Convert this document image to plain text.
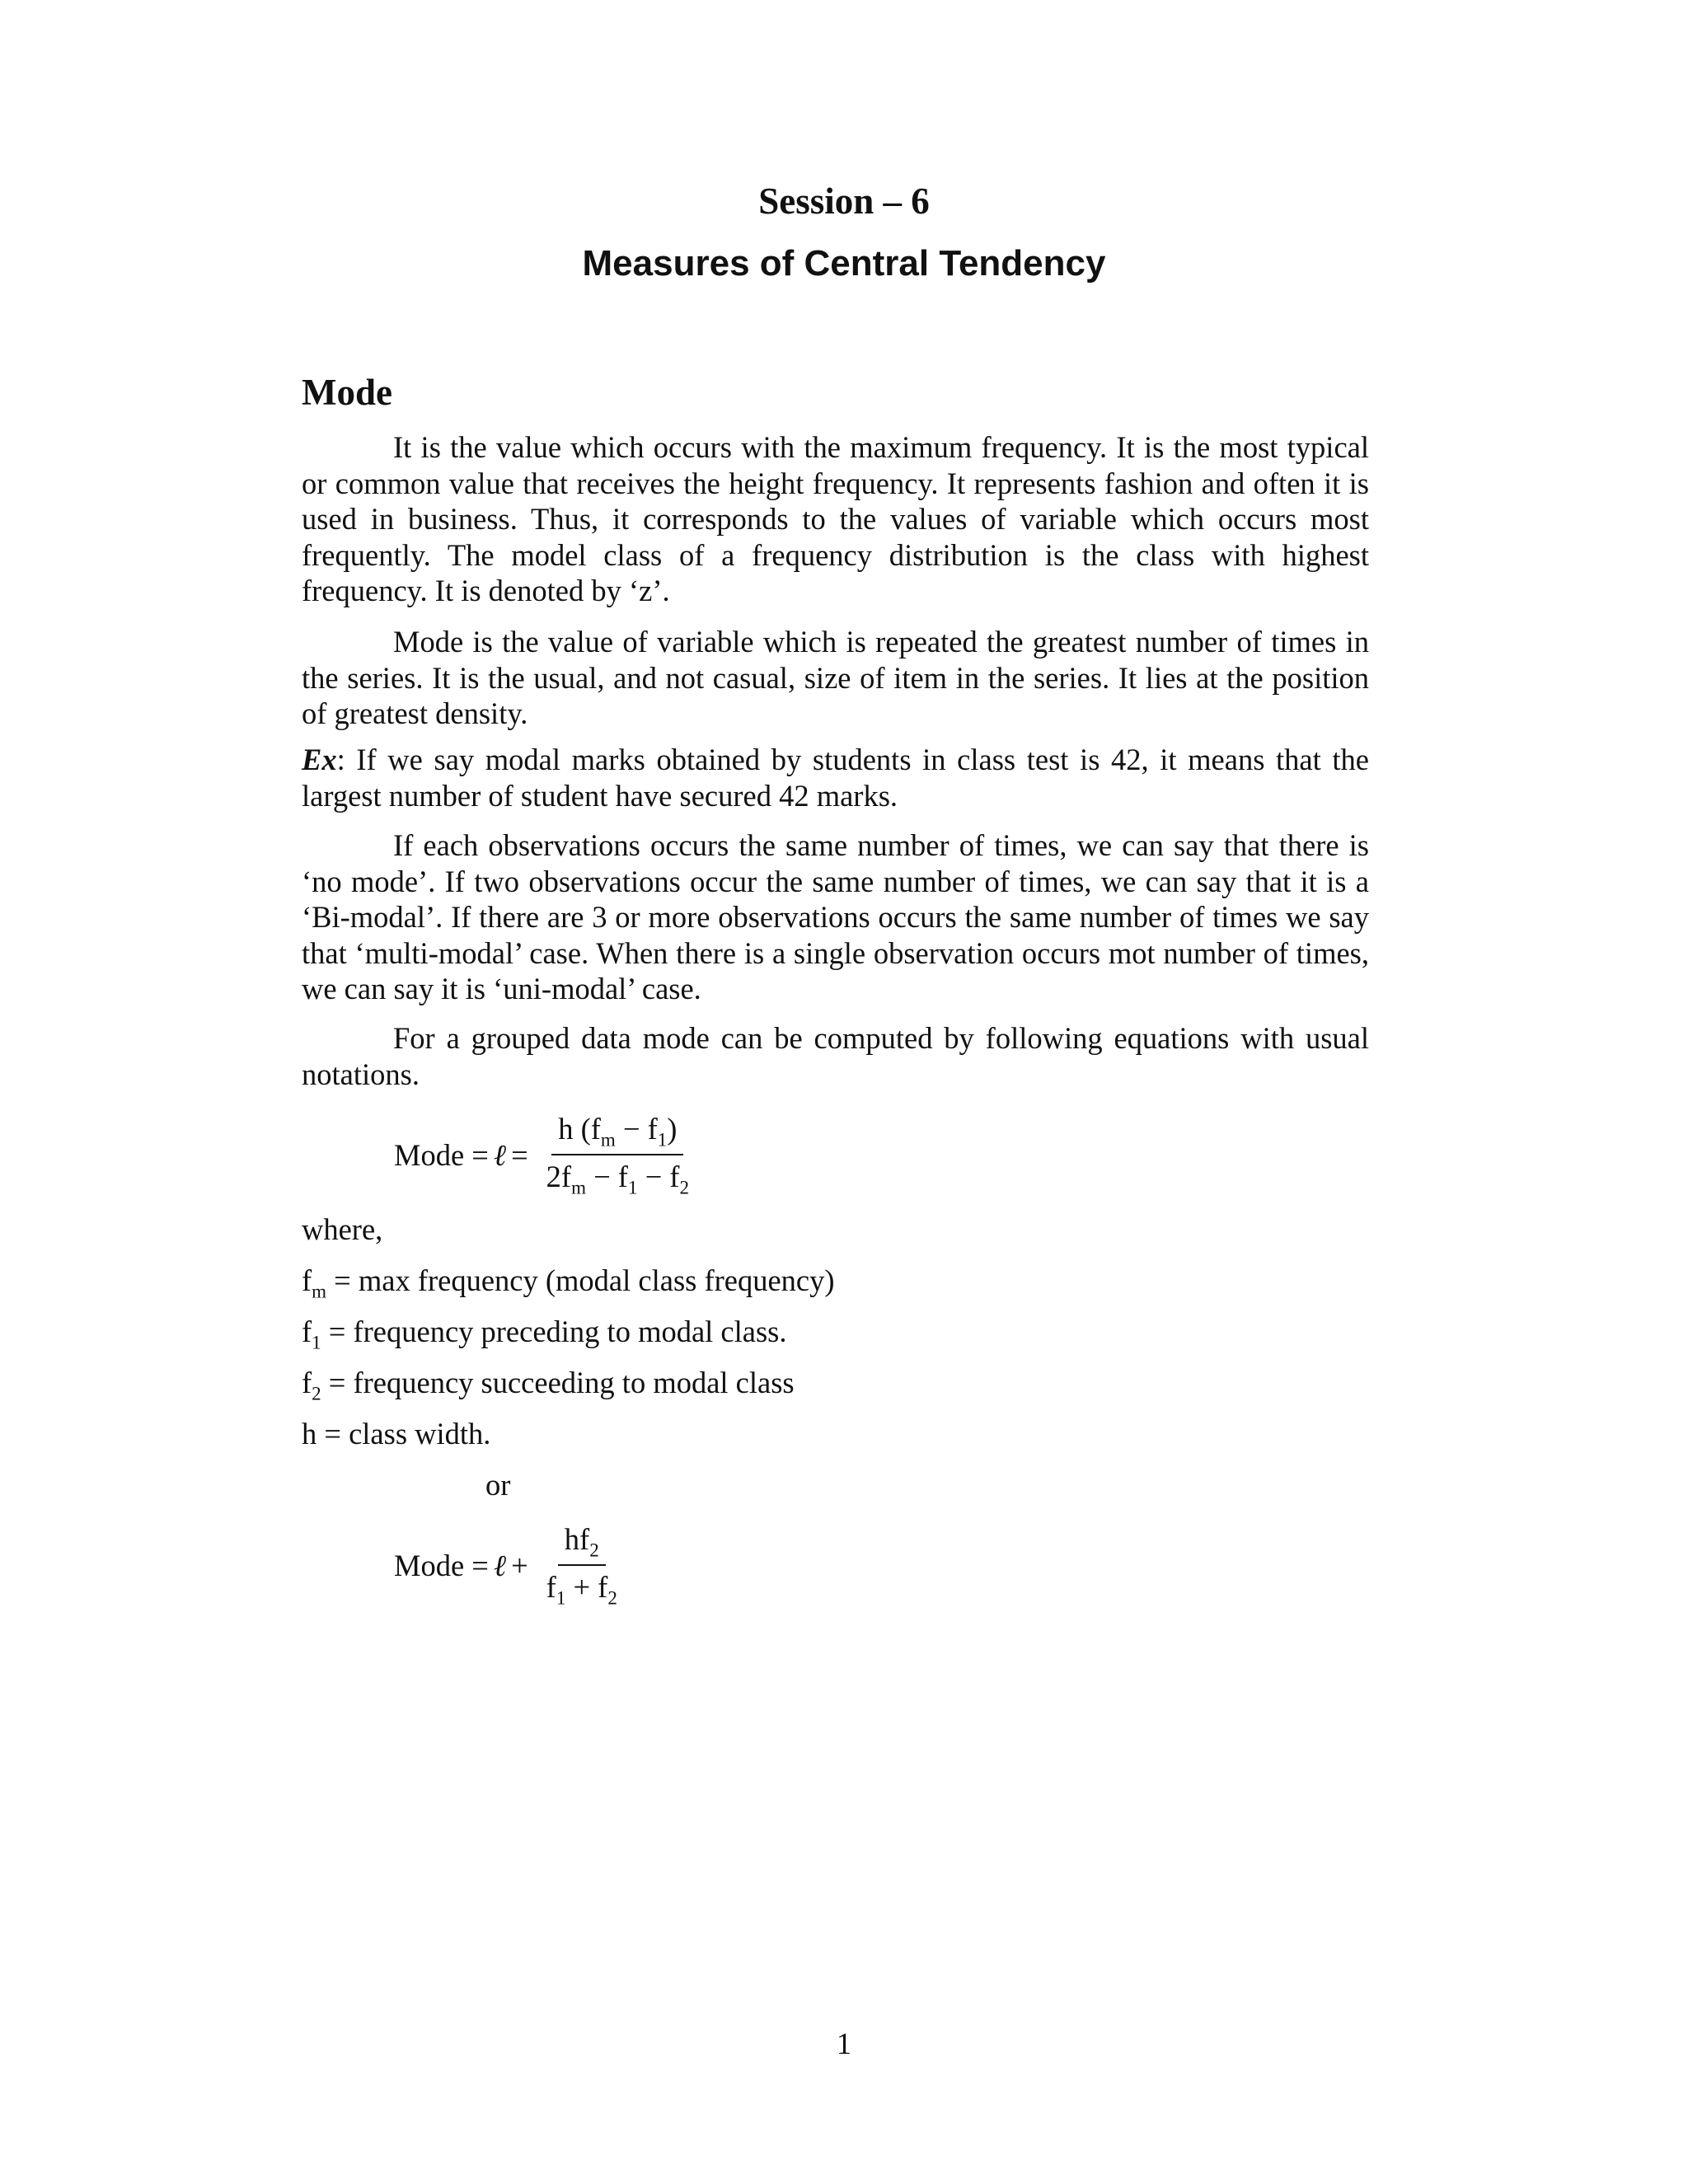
Session – 6
Measures of Central Tendency
Mode

It is the value which occurs with the maximum frequency. It is the most typical or common value that receives the height frequency. It represents fashion and often it is used in business. Thus, it corresponds to the values of variable which occurs most frequently. The model class of a frequency distribution is the class with highest frequency. It is denoted by ‘z’.

Mode is the value of variable which is repeated the greatest number of times in the series. It is the usual, and not casual, size of item in the series. It lies at the position of greatest density.

Ex: If we say modal marks obtained by students in class test is 42, it means that the largest number of student have secured 42 marks.

If each observations occurs the same number of times, we can say that there is ‘no mode’. If two observations occur the same number of times, we can say that it is a ‘Bi-modal’. If there are 3 or more observations occurs the same number of times we say that ‘multi-modal’ case. When there is a single observation occurs mot number of times, we can say it is ‘uni-modal’ case.

For a grouped data mode can be computed by following equations with usual notations.

Mode = ℓ = $\frac{h (f_m - f_1)}{2f_m - f_1 - f_2}$
where,
$f_m = \max$ frequency (modal class frequency)
$f_1$ = frequency preceding to modal class.
$f_2$ = frequency succeeding to modal class
h = class width.
or
Mode = ℓ + $\frac{hf_2}{f_1 + f_2}$
1
